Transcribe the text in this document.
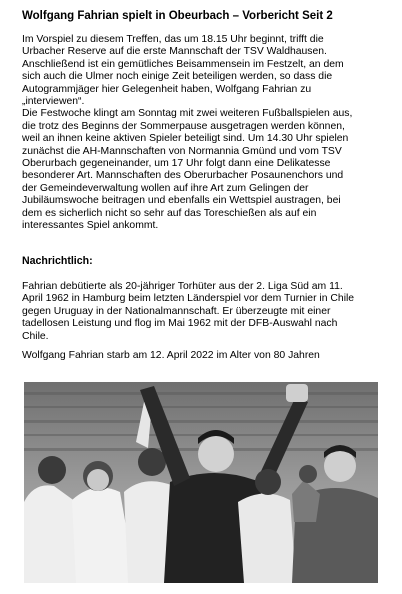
Wolfgang Fahrian spielt in Obeurbach – Vorbericht Seit 2

Im Vorspiel zu diesem Treffen, das um 18.15 Uhr beginnt, trifft die
Urbacher Reserve auf die erste Mannschaft der TSV Waldhausen.
Anschließend ist ein gemütliches Beisammensein im Festzelt, an dem
sich auch die Ulmer noch einige Zeit beteiligen werden, so dass die
Autogrammjäger hier Gelegenheit haben, Wolfgang Fahrian zu
„interviewen“.
Die Festwoche klingt am Sonntag mit zwei weiteren Fußballspielen aus,
die trotz des Beginns der Sommerpause ausgetragen werden können,
weil an ihnen keine aktiven Spieler beteiligt sind. Um 14.30 Uhr spielen
zunächst die AH-Mannschaften von Normannia Gmünd und vom TSV
Oberurbach gegeneinander, um 17 Uhr folgt dann eine Delikatesse
besonderer Art. Mannschaften des Oberurbacher Posaunenchors und
der Gemeindeverwaltung wollen auf ihre Art zum Gelingen der
Jubiläumswoche beitragen und ebenfalls ein Wettspiel austragen, bei
dem es sicherlich nicht so sehr auf das Toreschießen als auf ein
interessantes Spiel ankommt.

Nachrichtlich:

Fahrian debütierte als 20-jähriger Torhüter aus der 2. Liga Süd am 11.
April 1962 in Hamburg beim letzten Länderspiel vor dem Turnier in Chile
gegen Uruguay in der Nationalmannschaft. Er überzeugte mit einer
tadellosen Leistung und flog im Mai 1962 mit der DFB-Auswahl nach
Chile.

Wolfgang Fahrian starb am 12. April 2022 im Alter von 80 Jahren
